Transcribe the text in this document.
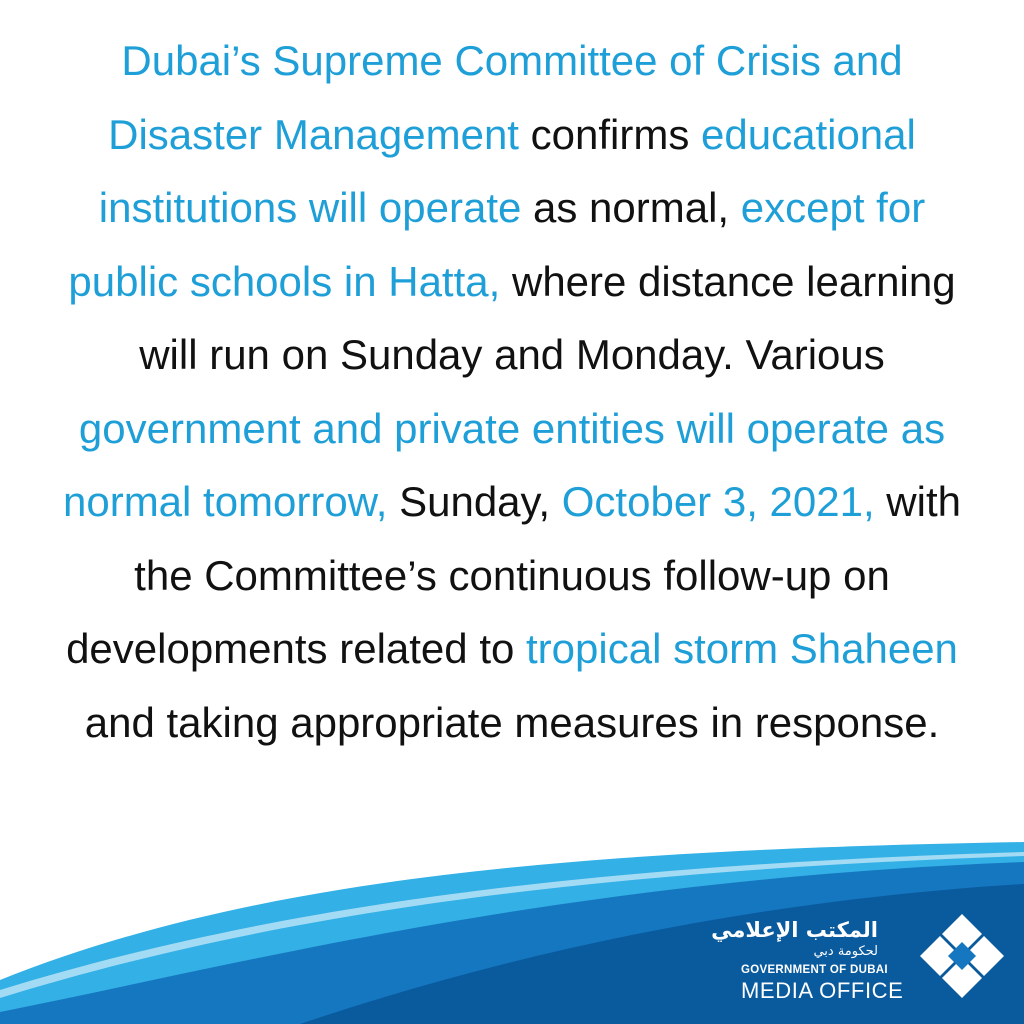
Dubai’s Supreme Committee of Crisis and Disaster Management confirms educational institutions will operate as normal, except for public schools in Hatta, where distance learning will run on Sunday and Monday. Various government and private entities will operate as normal tomorrow, Sunday, October 3, 2021, with the Committee’s continuous follow-up on developments related to tropical storm Shaheen and taking appropriate measures in response.
المكتب الإعلامي
لحكومة دبي
GOVERNMENT OF DUBAI
MEDIA OFFICE
